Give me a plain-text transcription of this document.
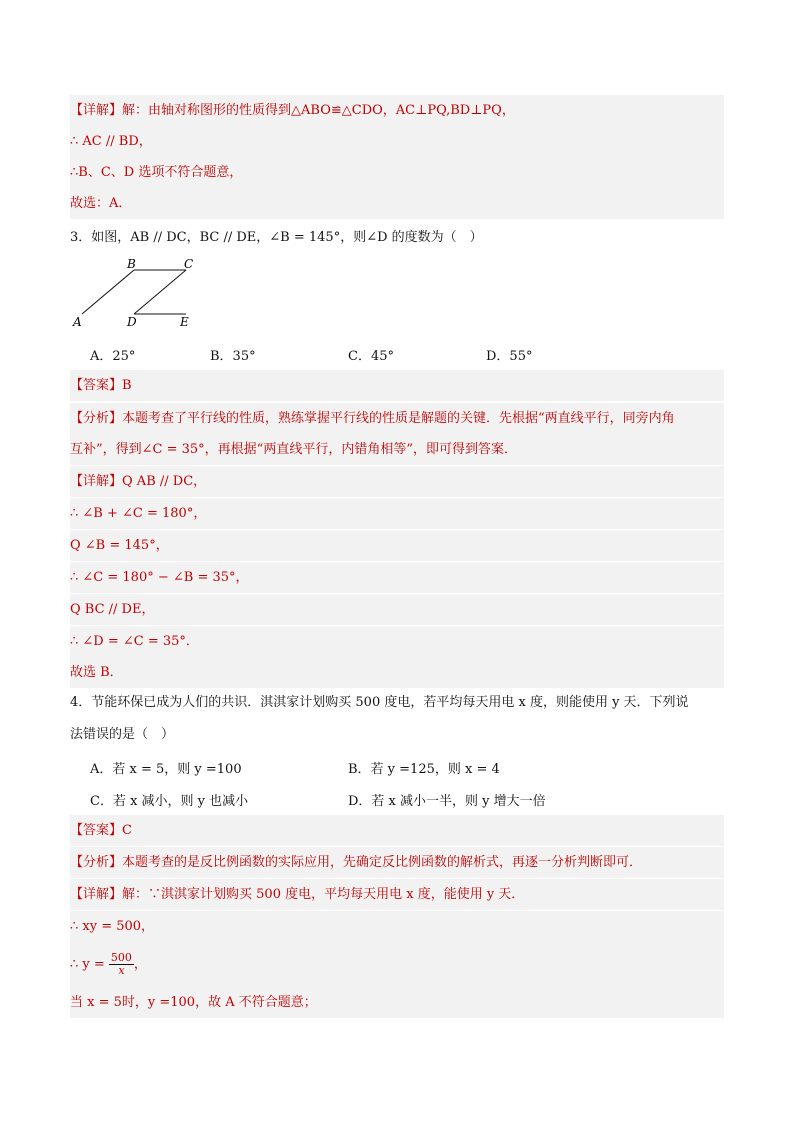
【详解】解：由轴对称图形的性质得到△ABO≌△CDO，AC⊥PQ,BD⊥PQ，
∴ AC // BD，
∴B、C、D 选项不符合题意，
故选：A．
3．如图，AB // DC，BC // DE，∠B = 145°，则∠D 的度数为（　）
B	C
A	D	E
A．25°	B．35°	C．45°	D．55°
【答案】B
【分析】本题考查了平行线的性质，熟练掌握平行线的性质是解题的关键．先根据“两直线平行，同旁内角
互补”，得到∠C = 35°，再根据“两直线平行，内错角相等”，即可得到答案．
【详解】Q AB // DC，
∴ ∠B + ∠C = 180°，
Q ∠B = 145°，
∴ ∠C = 180° − ∠B = 35°，
Q BC // DE，
∴ ∠D = ∠C = 35°．
故选 B．
4．节能环保已成为人们的共识．淇淇家计划购买 500 度电，若平均每天用电 x 度，则能使用 y 天．下列说
法错误的是（　）
A．若 x = 5，则 y =100	B．若 y =125，则 x = 4
C．若 x 减小，则 y 也减小	D．若 x 减小一半，则 y 增大一倍
【答案】C
【分析】本题考查的是反比例函数的实际应用，先确定反比例函数的解析式，再逐一分析判断即可．
【详解】解：∵淇淇家计划购买 500 度电，平均每天用电 x 度，能使用 y 天．
∴ xy = 500，
∴ $y = \frac{500}{x}$ ，
当 x = 5时，y =100，故 A 不符合题意；
